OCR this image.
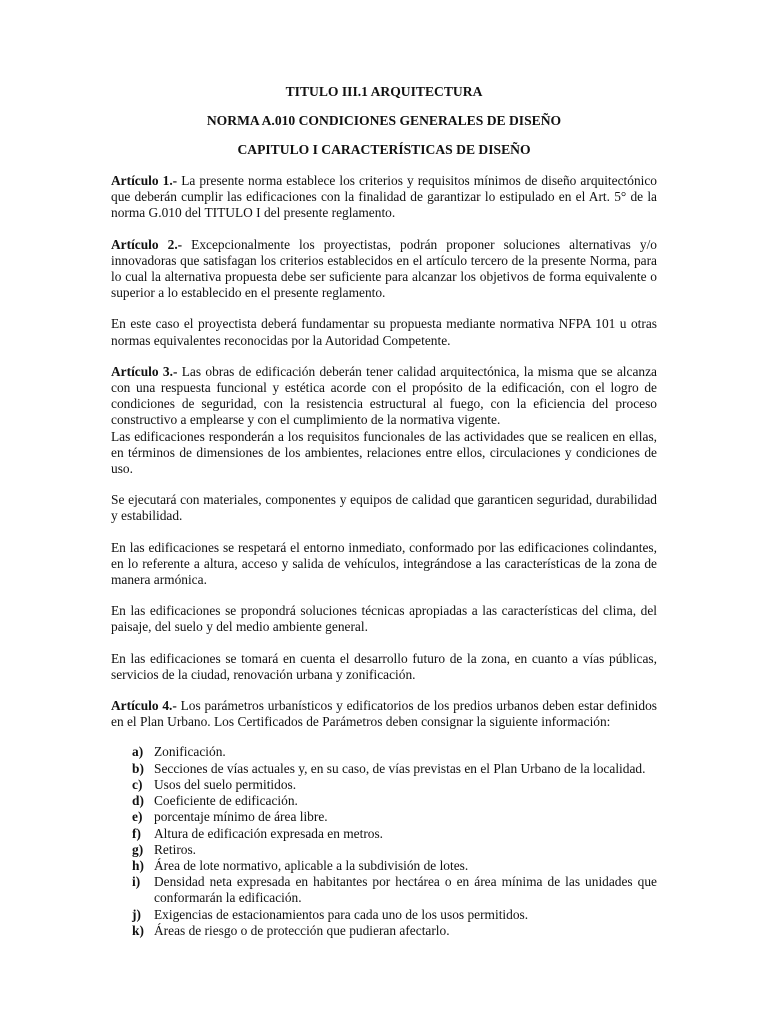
TITULO III.1 ARQUITECTURA
NORMA A.010 CONDICIONES GENERALES DE DISEÑO
CAPITULO I CARACTERÍSTICAS DE DISEÑO

Artículo 1.- La presente norma establece los criterios y requisitos mínimos de diseño arquitectónico que deberán cumplir las edificaciones con la finalidad de garantizar lo estipulado en el Art. 5° de la norma G.010 del TITULO I del presente reglamento.

Artículo 2.- Excepcionalmente los proyectistas, podrán proponer soluciones alternativas y/o innovadoras que satisfagan los criterios establecidos en el artículo tercero de la presente Norma, para lo cual la alternativa propuesta debe ser suficiente para alcanzar los objetivos de forma equivalente o superior a lo establecido en el presente reglamento.

En este caso el proyectista deberá fundamentar su propuesta mediante normativa NFPA 101 u otras normas equivalentes reconocidas por la Autoridad Competente.

Artículo 3.- Las obras de edificación deberán tener calidad arquitectónica, la misma que se alcanza con una respuesta funcional y estética acorde con el propósito de la edificación, con el logro de condiciones de seguridad, con la resistencia estructural al fuego, con la eficiencia del proceso constructivo a emplearse y con el cumplimiento de la normativa vigente.

Las edificaciones responderán a los requisitos funcionales de las actividades que se realicen en ellas, en términos de dimensiones de los ambientes, relaciones entre ellos, circulaciones y condiciones de uso.

Se ejecutará con materiales, componentes y equipos de calidad que garanticen seguridad, durabilidad y estabilidad.

En las edificaciones se respetará el entorno inmediato, conformado por las edificaciones colindantes, en lo referente a altura, acceso y salida de vehículos, integrándose a las características de la zona de manera armónica.

En las edificaciones se propondrá soluciones técnicas apropiadas a las características del clima, del paisaje, del suelo y del medio ambiente general.

En las edificaciones se tomará en cuenta el desarrollo futuro de la zona, en cuanto a vías públicas, servicios de la ciudad, renovación urbana y zonificación.

Artículo 4.- Los parámetros urbanísticos y edificatorios de los predios urbanos deben estar definidos en el Plan Urbano. Los Certificados de Parámetros deben consignar la siguiente información:

a) Zonificación.
b) Secciones de vías actuales y, en su caso, de vías previstas en el Plan Urbano de la localidad.
c) Usos del suelo permitidos.
d) Coeficiente de edificación.
e) porcentaje mínimo de área libre.
f) Altura de edificación expresada en metros.
g) Retiros.
h) Área de lote normativo, aplicable a la subdivisión de lotes.
i) Densidad neta expresada en habitantes por hectárea o en área mínima de las unidades que conformarán la edificación.
j) Exigencias de estacionamientos para cada uno de los usos permitidos.
k) Áreas de riesgo o de protección que pudieran afectarlo.
